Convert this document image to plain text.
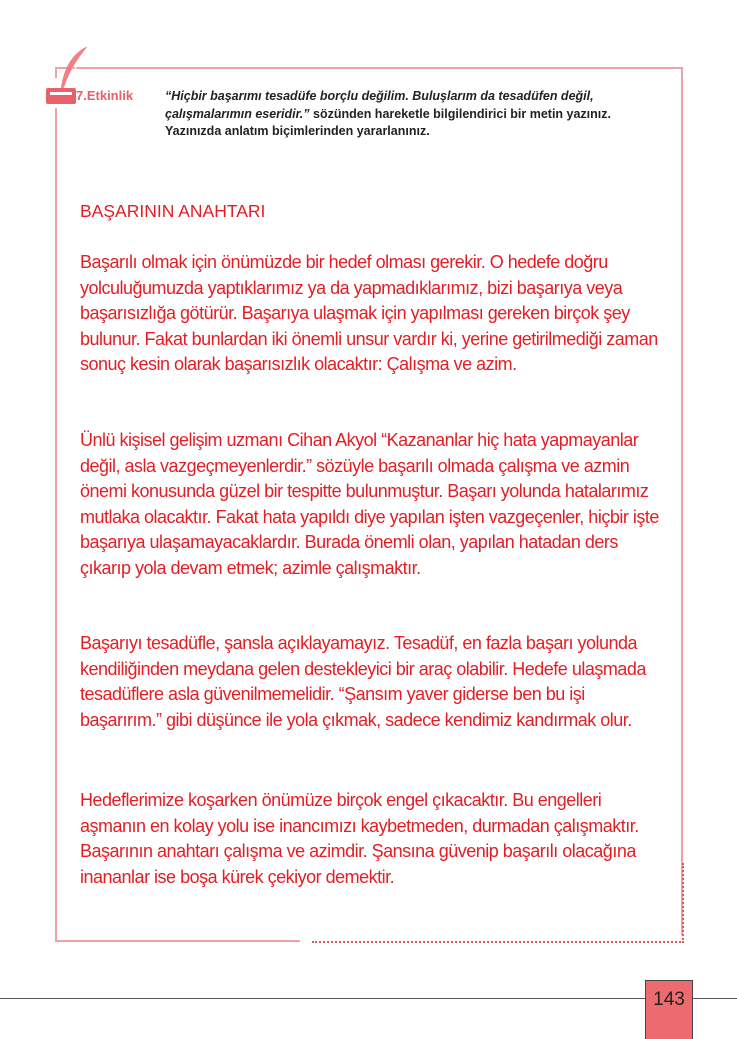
7.Etkinlik	“Hiçbir başarımı tesadüfe borçlu değilim. Buluşlarım da tesadüfen değil, çalışmalarımın eseridir.” sözünden hareketle bilgilendirici bir metin yazınız. Yazınızda anlatım biçimlerinden yararlanınız.
BAŞARININ ANAHTARI

Başarılı olmak için önümüzde bir hedef olması gerekir. O hedefe doğru yolculuğumuzda yaptıklarımız ya da yapmadıklarımız, bizi başarıya veya başarısızlığa götürür. Başarıya ulaşmak için yapılması gereken birçok şey bulunur. Fakat bunlardan iki önemli unsur vardır ki, yerine getirilmediği zaman sonuç kesin olarak başarısızlık olacaktır: Çalışma ve azim.

Ünlü kişisel gelişim uzmanı Cihan Akyol “Kazananlar hiç hata yapmayanlar değil, asla vazgeçmeyenlerdir.” sözüyle başarılı olmada çalışma ve azmin önemi konusunda güzel bir tespitte bulunmuştur. Başarı yolunda hatalarımız mutlaka olacaktır. Fakat hata yapıldı diye yapılan işten vazgeçenler, hiçbir işte başarıya ulaşamayacaklardır. Burada önemli olan, yapılan hatadan ders çıkarıp yola devam etmek; azimle çalışmaktır.

Başarıyı tesadüfle, şansla açıklayamayız. Tesadüf, en fazla başarı yolunda kendiliğinden meydana gelen destekleyici bir araç olabilir. Hedefe ulaşmada tesadüflere asla güvenilmemelidir. “Şansım yaver giderse ben bu işi başarırım.” gibi düşünce ile yola çıkmak, sadece kendimiz kandırmak olur.

Hedeflerimize koşarken önümüze birçok engel çıkacaktır. Bu engelleri aşmanın en kolay yolu ise inancımızı kaybetmeden, durmadan çalışmaktır. Başarının anahtarı çalışma ve azimdir. Şansına güvenip başarılı olacağına inananlar ise boşa kürek çekiyor demektir.

143
